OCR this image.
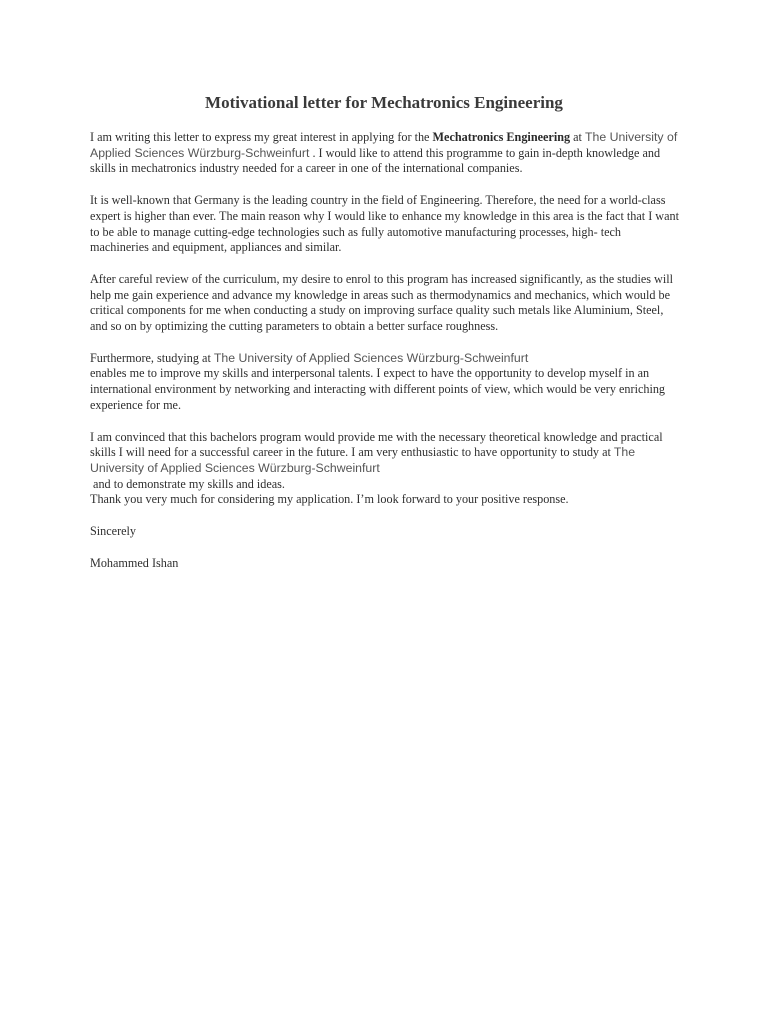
Motivational letter for Mechatronics Engineering

I am writing this letter to express my great interest in applying for the Mechatronics Engineering at The University of Applied Sciences Würzburg-Schweinfurt . I would like to attend this programme to gain in-depth knowledge and skills in mechatronics industry needed for a career in one of the international companies.

It is well-known that Germany is the leading country in the field of Engineering. Therefore, the need for a world-class expert is higher than ever. The main reason why I would like to enhance my knowledge in this area is the fact that I want to be able to manage cutting-edge technologies such as fully automotive manufacturing processes, high- tech machineries and equipment, appliances and similar.

After careful review of the curriculum, my desire to enrol to this program has increased significantly, as the studies will help me gain experience and advance my knowledge in areas such as thermodynamics and mechanics, which would be critical components for me when conducting a study on improving surface quality such metals like Aluminium, Steel, and so on by optimizing the cutting parameters to obtain a better surface roughness.

Furthermore, studying at The University of Applied Sciences Würzburg-Schweinfurt
enables me to improve my skills and interpersonal talents. I expect to have the opportunity to develop myself in an international environment by networking and interacting with different points of view, which would be very enriching experience for me.

I am convinced that this bachelors program would provide me with the necessary theoretical knowledge and practical skills I will need for a successful career in the future. I am very enthusiastic to have opportunity to study at The University of Applied Sciences Würzburg-Schweinfurt
and to demonstrate my skills and ideas.
Thank you very much for considering my application. I’m look forward to your positive response.

Sincerely

Mohammed Ishan
